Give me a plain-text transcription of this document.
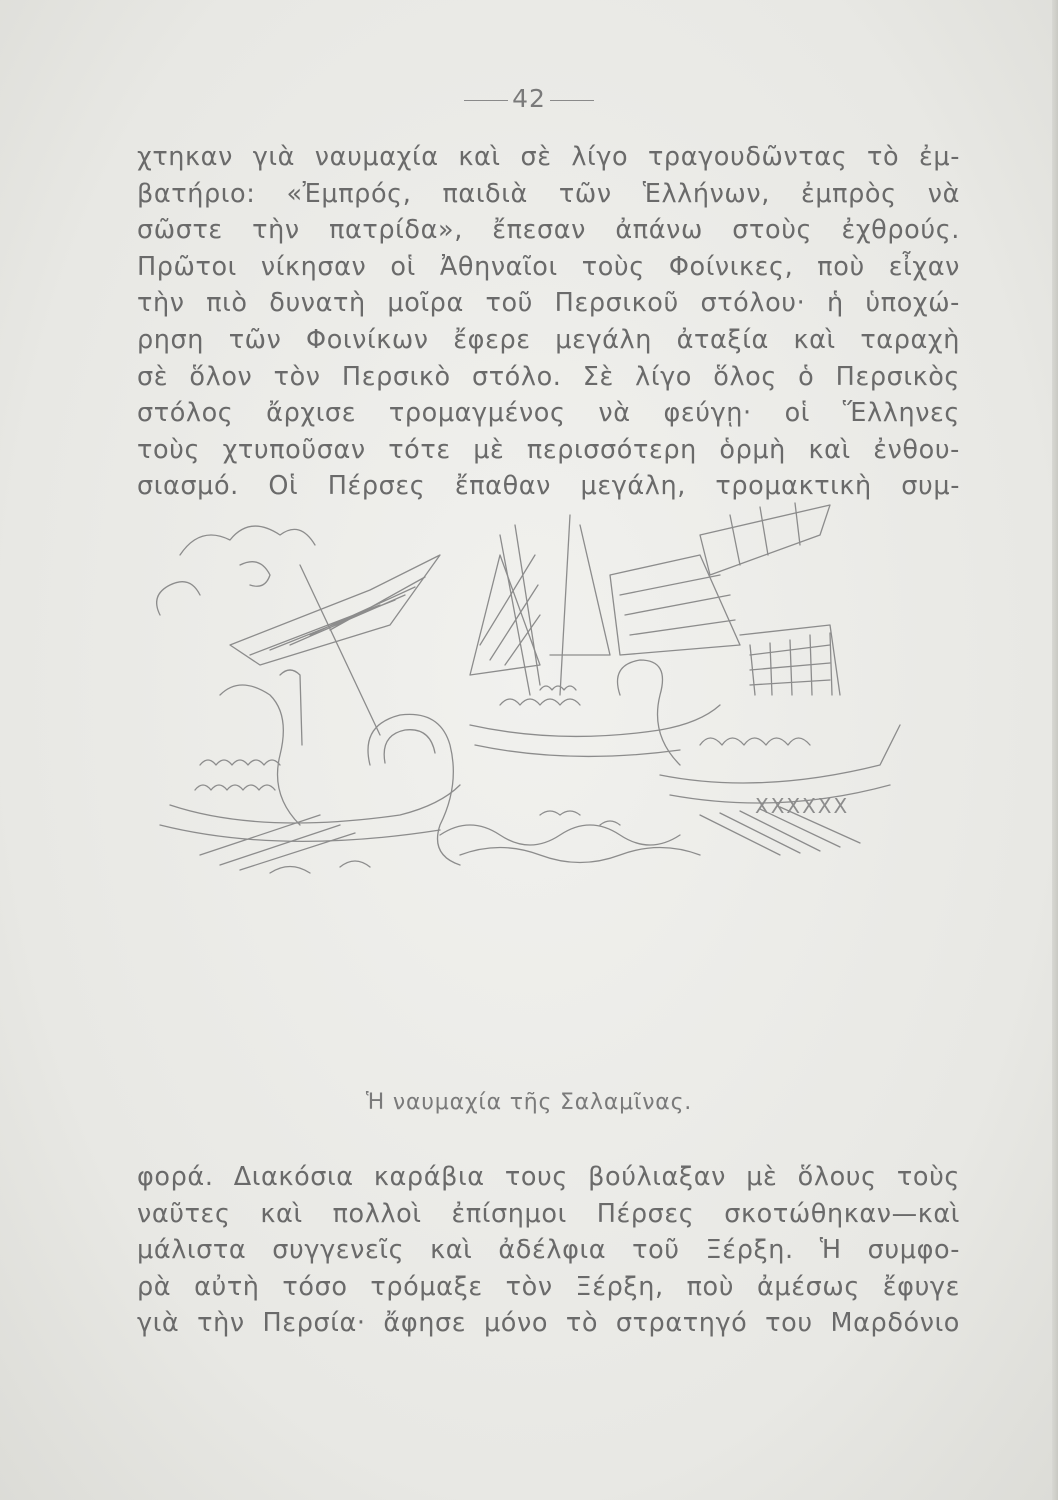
42
χτηκαν γιὰ ναυμαχία καὶ σὲ λίγο τραγουδῶντας τὸ ἐμ-
βατήριο: «Ἐμπρός, παιδιὰ τῶν Ἑλλήνων, ἐμπρὸς νὰ
σῶστε τὴν πατρίδα», ἔπεσαν ἀπάνω στοὺς ἐχθρούς.
Πρῶτοι νίκησαν οἱ Ἀθηναῖοι τοὺς Φοίνικες, ποὺ εἶχαν
τὴν πιὸ δυνατὴ μοῖρα τοῦ Περσικοῦ στόλου· ἡ ὑποχώ-
ρηση τῶν Φοινίκων ἔφερε μεγάλη ἀταξία καὶ ταραχὴ
σὲ ὅλον τὸν Περσικὸ στόλο. Σὲ λίγο ὅλος ὁ Περσικὸς
στόλος ἄρχισε τρομαγμένος νὰ φεύγῃ· οἱ Ἕλληνες
τοὺς χτυποῦσαν τότε μὲ περισσότερη ὁρμὴ καὶ ἐνθου-
σιασμό. Οἱ Πέρσες ἔπαθαν μεγάλη, τρομακτικὴ συμ-
XXXXXX
Ἡ ναυμαχία τῆς Σαλαμῖνας.
φορά. Διακόσια καράβια τους βούλιαξαν μὲ ὅλους τοὺς
ναῦτες καὶ πολλοὶ ἐπίσημοι Πέρσες σκοτώθηκαν—καὶ
μάλιστα συγγενεῖς καὶ ἀδέλφια τοῦ Ξέρξη. Ἡ συμφο-
ρὰ αὐτὴ τόσο τρόμαξε τὸν Ξέρξη, ποὺ ἀμέσως ἔφυγε
γιὰ τὴν Περσία· ἄφησε μόνο τὸ στρατηγό του Μαρδόνιο
